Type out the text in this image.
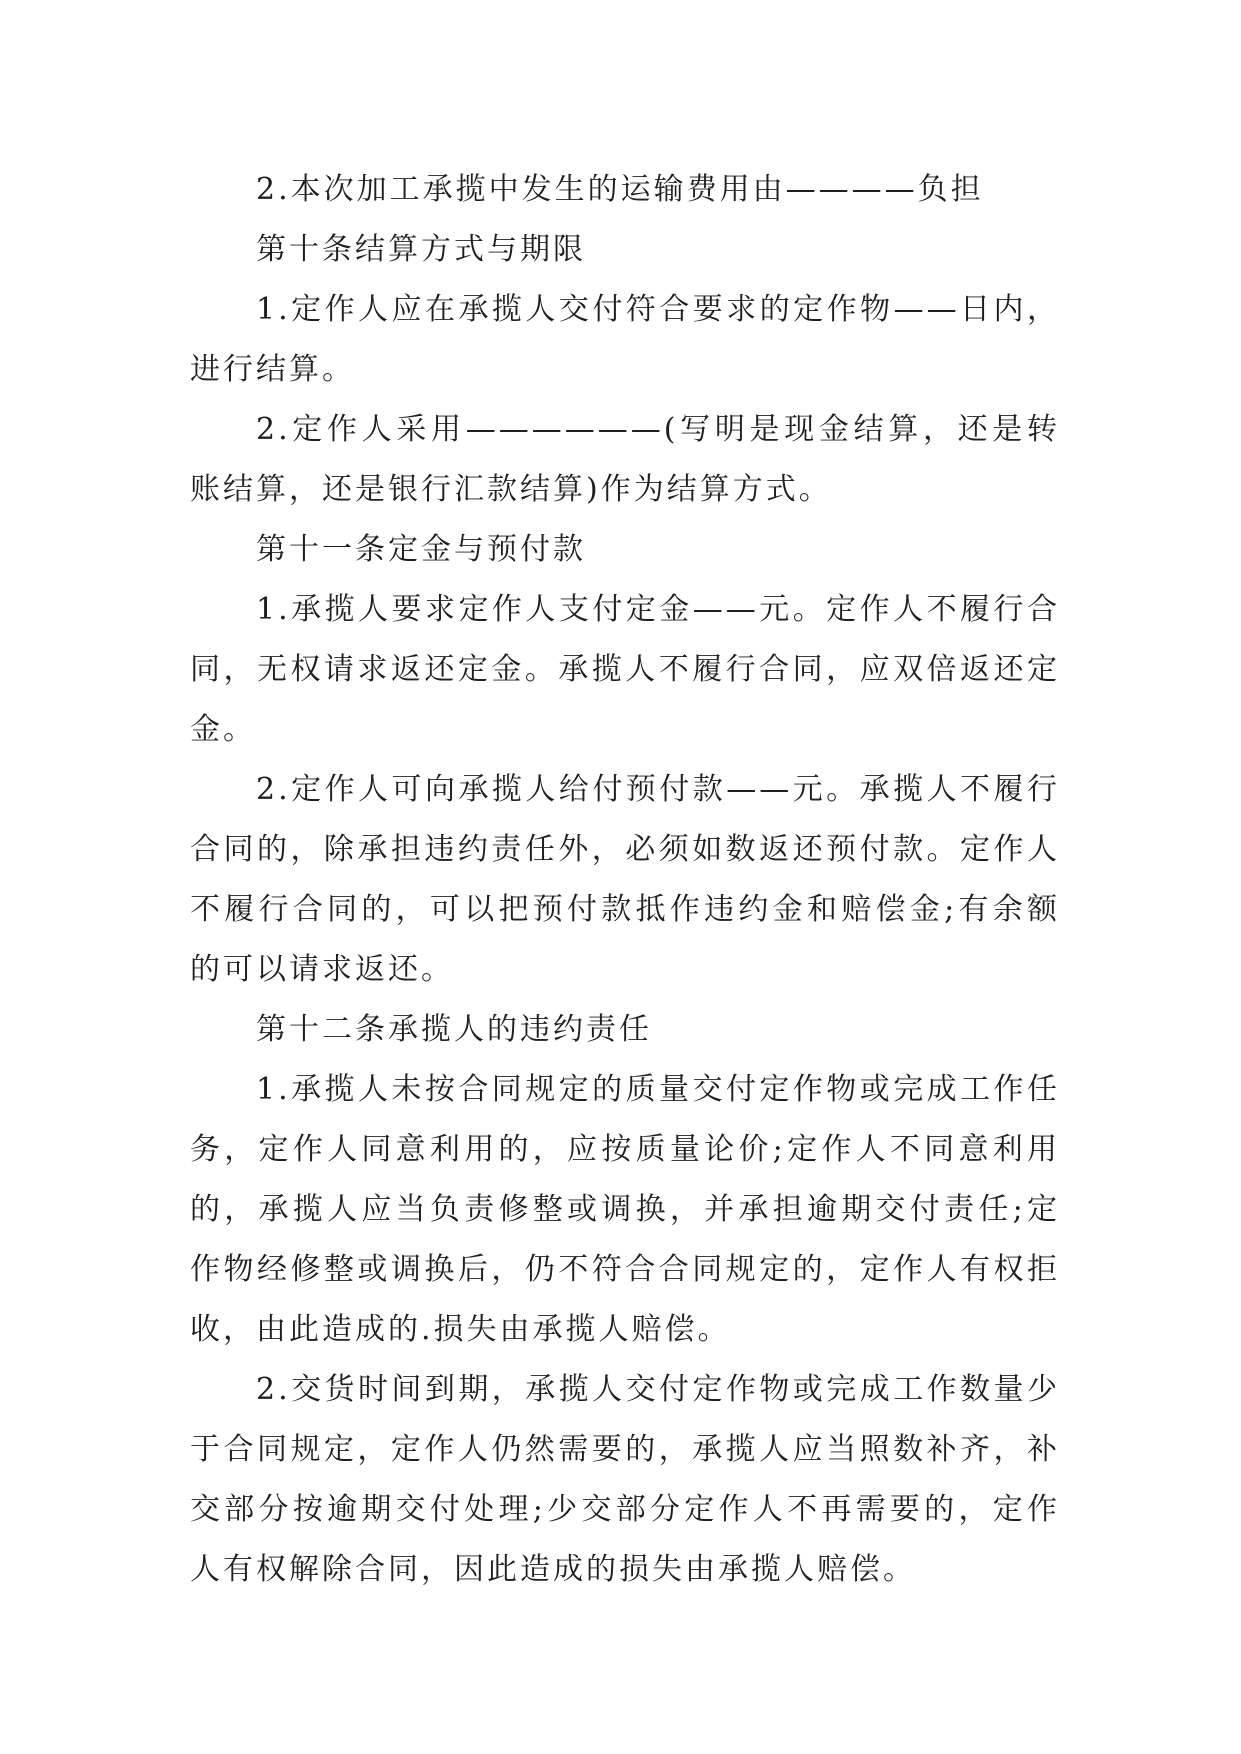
2.本次加工承揽中发生的运输费用由————负担

第十条结算方式与期限

1.定作人应在承揽人交付符合要求的定作物——日内，进行结算。

2.定作人采用——————(写明是现金结算，还是转账结算，还是银行汇款结算)作为结算方式。

第十一条定金与预付款

1.承揽人要求定作人支付定金——元。定作人不履行合同，无权请求返还定金。承揽人不履行合同，应双倍返还定金。

2.定作人可向承揽人给付预付款——元。承揽人不履行合同的，除承担违约责任外，必须如数返还预付款。定作人不履行合同的，可以把预付款抵作违约金和赔偿金;有余额的可以请求返还。

第十二条承揽人的违约责任

1.承揽人未按合同规定的质量交付定作物或完成工作任务，定作人同意利用的，应按质量论价;定作人不同意利用的，承揽人应当负责修整或调换，并承担逾期交付责任;定作物经修整或调换后，仍不符合合同规定的，定作人有权拒收，由此造成的.损失由承揽人赔偿。

2.交货时间到期，承揽人交付定作物或完成工作数量少于合同规定，定作人仍然需要的，承揽人应当照数补齐，补交部分按逾期交付处理;少交部分定作人不再需要的，定作人有权解除合同，因此造成的损失由承揽人赔偿。
